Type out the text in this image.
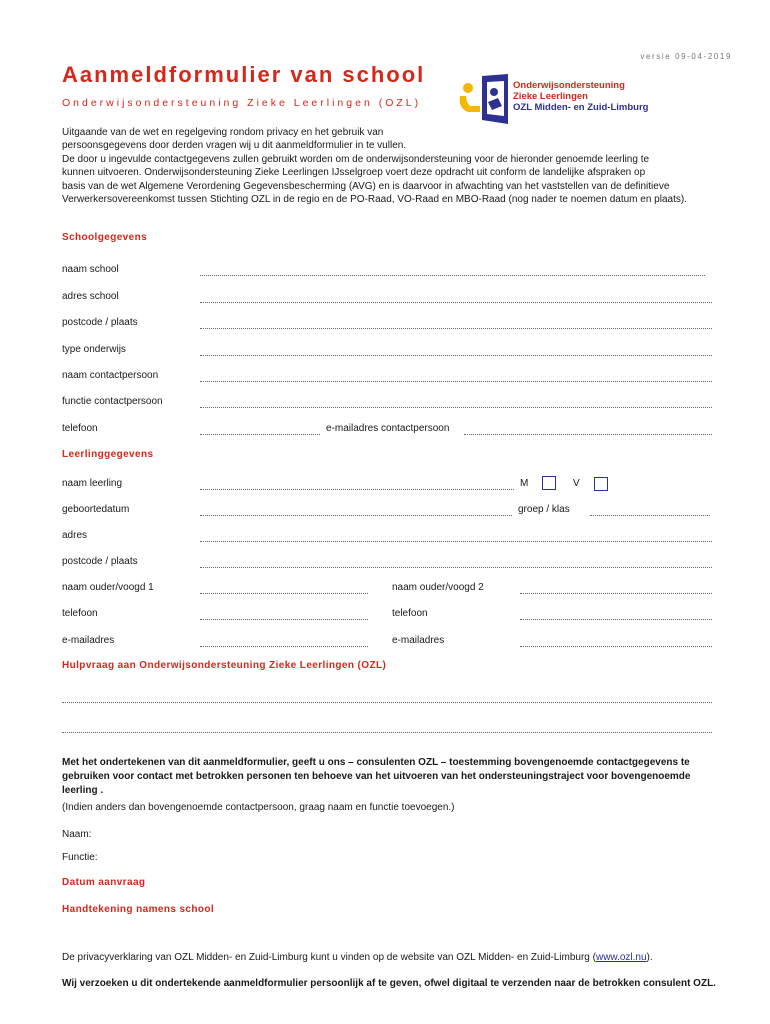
versie 09-04-2019
Aanmeldformulier van school
Onderwijsondersteuning Zieke Leerlingen (OZL)
Onderwijsondersteuning
Zieke Leerlingen
OZL Midden- en Zuid-Limburg

Uitgaande van de wet en regelgeving rondom privacy en het gebruik van

persoonsgegevens door derden vragen wij u dit aanmeldformulier in te vullen.

De door u ingevulde contactgegevens zullen gebruikt worden om de onderwijsondersteuning voor de hieronder genoemde leerling te

kunnen uitvoeren. Onderwijsondersteuning Zieke Leerlingen IJsselgroep voert deze opdracht uit conform de landelijke afspraken op

basis van de wet Algemene Verordening Gegevensbescherming (AVG) en is daarvoor in afwachting van het vaststellen van de definitieve

Verwerkersovereenkomst tussen Stichting OZL in de regio en de PO-Raad, VO-Raad en MBO-Raad (nog nader te noemen datum en plaats).

Schoolgegevens
naam school
adres school
postcode / plaats
type onderwijs
naam contactpersoon
functie contactpersoon
telefoon	e-mailadres contactpersoon
Leerlinggegevens
naam leerling	M	V
geboortedatum	groep / klas
adres
postcode / plaats
naam ouder/voogd 1	naam ouder/voogd 2
telefoon	telefoon
e-mailadres	e-mailadres
Hulpvraag aan Onderwijsondersteuning Zieke Leerlingen (OZL)
Met het ondertekenen van dit aanmeldformulier, geeft u ons – consulenten OZL – toestemming bovengenoemde contactgegevens te gebruiken voor contact met betrokken personen ten behoeve van het uitvoeren van het ondersteuningstraject voor bovengenoemde leerling .
(Indien anders dan bovengenoemde contactpersoon, graag naam en functie toevoegen.)
Naam:
Functie:
Datum aanvraag
Handtekening namens school
De privacyverklaring van OZL Midden- en Zuid-Limburg kunt u vinden op de website van OZL Midden- en Zuid-Limburg (www.ozl.nu).
Wij verzoeken u dit ondertekende aanmeldformulier persoonlijk af te geven, ofwel digitaal te verzenden naar de betrokken consulent OZL.
